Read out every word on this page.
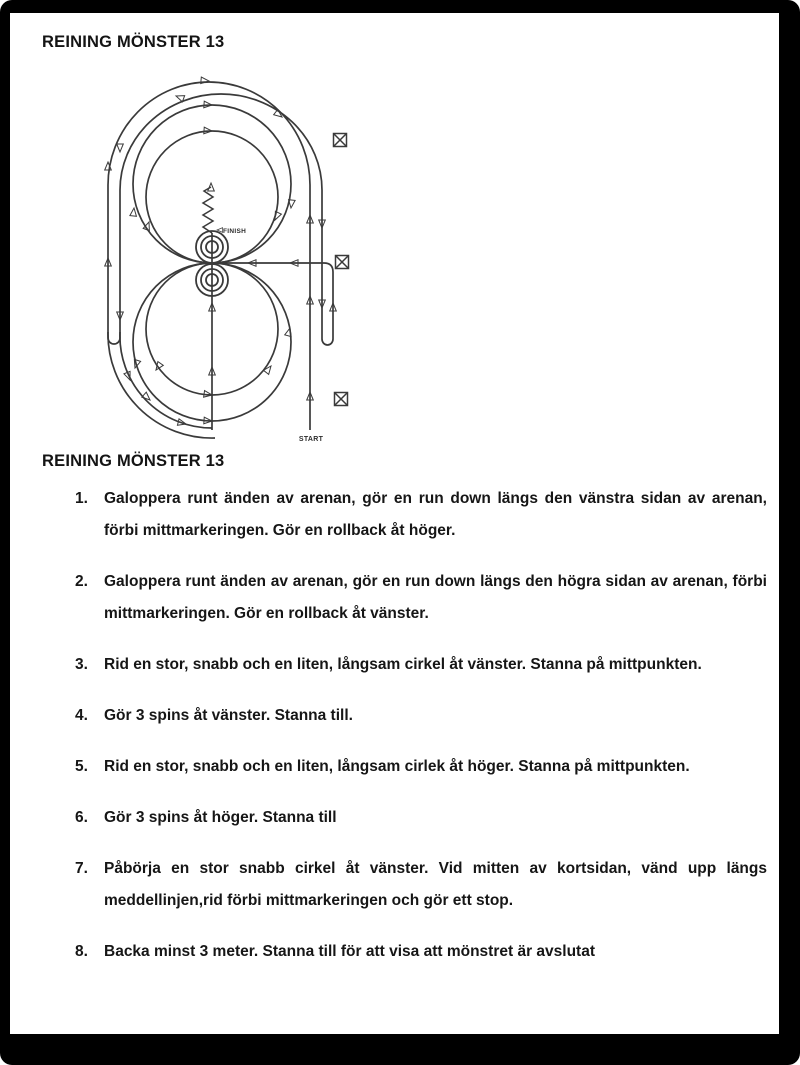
REINING MÖNSTER 13
FINISH
START
REINING MÖNSTER 13
1.	Galoppera runt änden av arenan, gör en run down längs den vänstra sidan av arenan, förbi mittmarkeringen. Gör en rollback åt höger.
2.	Galoppera runt änden av arenan, gör en run down längs den högra sidan av arenan, förbi mittmarkeringen. Gör en rollback åt vänster.
3.	Rid en stor, snabb och en liten, långsam cirkel åt vänster. Stanna på mittpunkten.
4.	Gör 3 spins åt vänster. Stanna till.
5.	Rid en stor, snabb och en liten, långsam cirlek åt höger. Stanna på mittpunkten.
6.	Gör 3 spins åt höger. Stanna till
7.	Påbörja en stor snabb cirkel åt vänster. Vid mitten av kortsidan, vänd upp längs meddellinjen,rid förbi mittmarkeringen och gör ett stop.
8.	Backa minst 3 meter. Stanna till för att visa att mönstret är avslutat
